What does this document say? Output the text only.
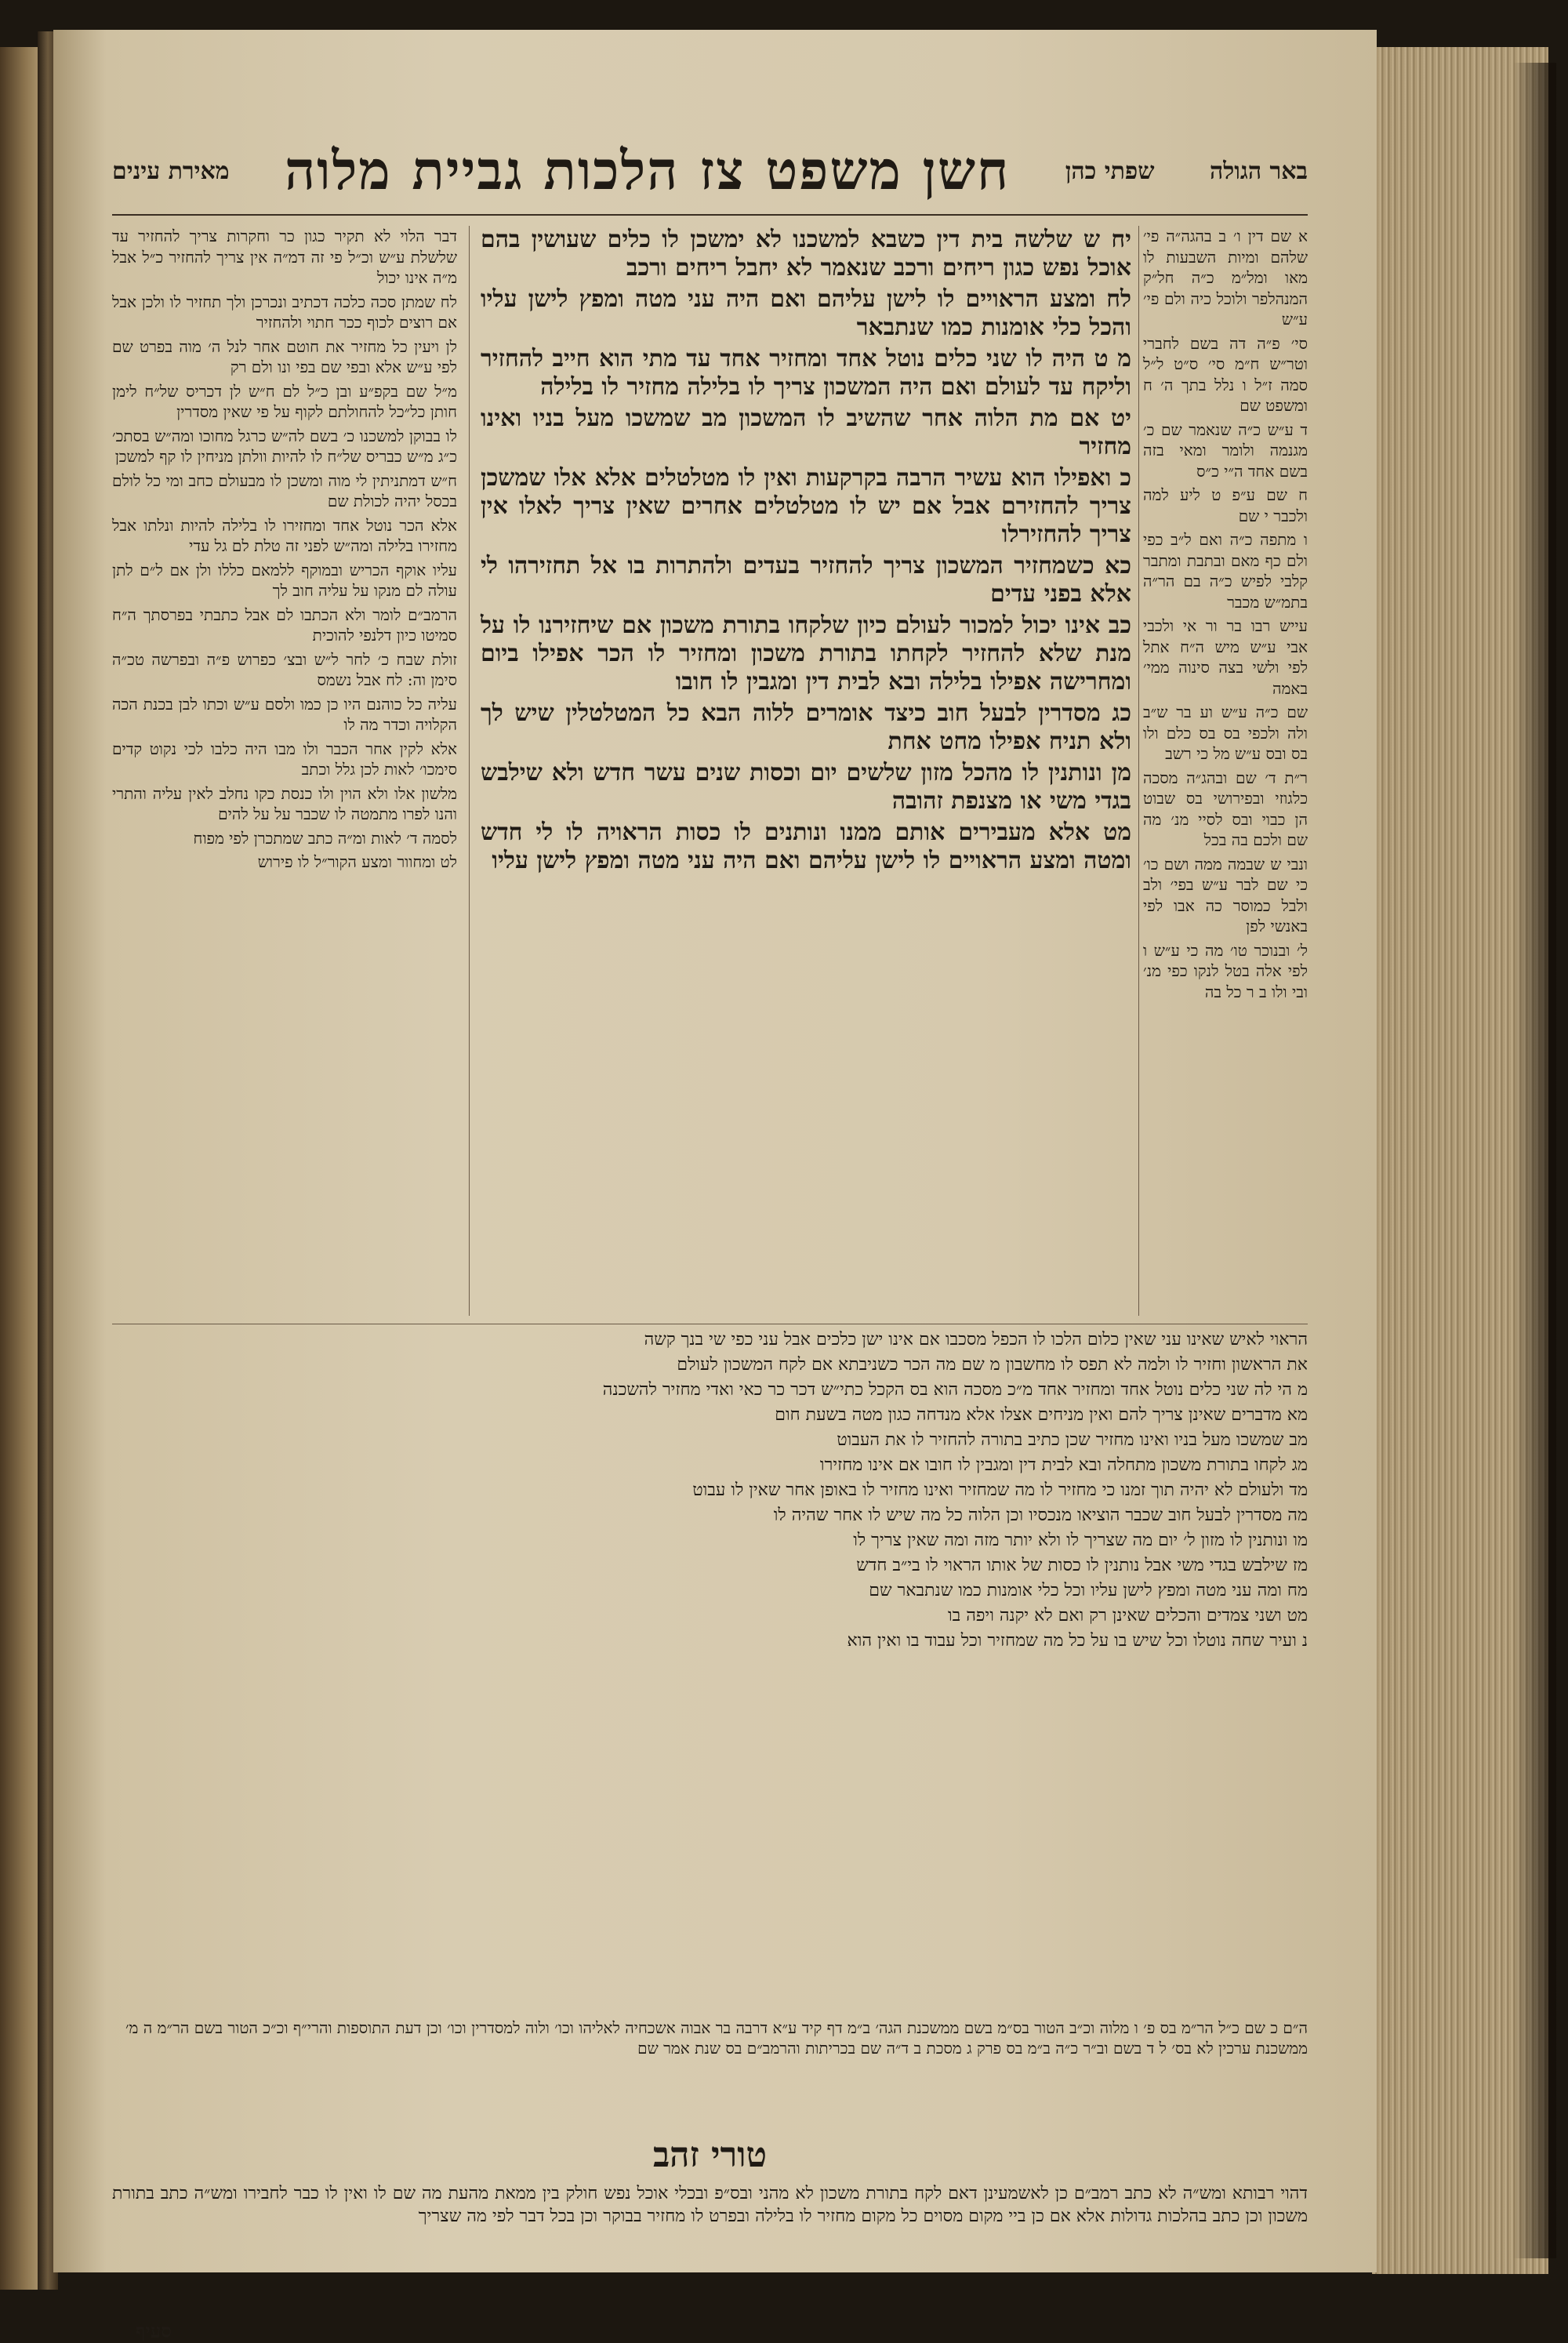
באר הגולה
שפתי כהן
חשן משפט צז הלכות גביית מלוה
מאירת עינים

א שם דין ו׳ ב בהגה״ה פי׳ שלהם ומיות השבעות לו מאו ומל״מ כ״ה חל״ק המנהלפר ולוכל כיה ולם פי׳ ע״ש

סי׳ פ״ה דה בשם לחברי וטר״ש ח״מ סי׳ ס״ט ל״ל סמה ז״ל ו נלל בתך ה׳ ח ומשפט שם

ד ע״ש כ״ה שנאמר שם כ׳ מגנמה ולומר ומאי בזה בשם אחד ה״י כ״ס

ח שם ע״פ ט ליע למה ולכבר י שם

ו מתפה כ״ה ואם ל״ב כפי ולם כף מאם ובתבת ומתבר קלבי לפיש כ״ה בם הר״ה בתמ״ש מכבר

עייש רבו בר ור אי ולכבי אבי ע״ש מיש ה״ח אתל לפי ולשי בצה סינוה ממי׳ באמה

שם כ״ה ע״ש וע בר ש״ב ולה ולכפי בס בס כלם ולו בס ובס ע״ש מל כי רשב

ר״ת ד׳ שם ובהג״ה מסכה כלגוזי ובפירושי בס שבוט הן כבוי ובס לסיי מנ׳ מה שם ולכם בה בכל

ונבי ש שבמה ממה ושם כו׳ כי שם לבר ע״ש בפי׳ ולב ולבל כמוסר כה אבו לפי באנשי לפן

ל׳ ובנוכר טו׳ מה כי ע״ש ו לפי אלה בטל לנקו כפי מנ׳ ובי ולו ב ר כל בה

יח ש שלשה בית דין כשבא למשכנו לא ימשכן לו כלים שעושין בהם אוכל נפש כגון ריחים ורכב שנאמר לא יחבל ריחים ורכב

לח ומצע הראויים לו לישן עליהם ואם היה עני מטה ומפץ לישן עליו והכל כלי אומנות כמו שנתבאר

מ ט היה לו שני כלים נוטל אחד ומחזיר אחד עד מתי הוא חייב להחזיר וליקח עד לעולם ואם היה המשכון צריך לו בלילה מחזיר לו בלילה

יט אם מת הלוה אחר שהשיב לו המשכון מב שמשכו מעל בניו ואינו מחזיר

כ ואפילו הוא עשיר הרבה בקרקעות ואין לו מטלטלים אלא אלו שמשכן צריך להחזירם אבל אם יש לו מטלטלים אחרים שאין צריך לאלו אין צריך להחזירלו

כא כשמחזיר המשכון צריך להחזיר בעדים ולהתרות בו אל תחזירהו לי אלא בפני עדים

כב אינו יכול למכור לעולם כיון שלקחו בתורת משכון אם שיחזירנו לו על מנת שלא להחזיר לקחתו בתורת משכון ומחזיר לו הכר אפילו ביום ומחרישה אפילו בלילה ובא לבית דין ומגבין לו חובו

כג מסדרין לבעל חוב כיצד אומרים ללוה הבא כל המטלטלין שיש לך ולא תניח אפילו מחט אחת

מן ונותנין לו מהכל מזון שלשים יום וכסות שנים עשר חדש ולא שילבש בגדי משי או מצנפת זהובה

מט אלא מעבירים אותם ממנו ונותנים לו כסות הראויה לו לי חדש ומטה ומצע הראויים לו לישן עליהם ואם היה עני מטה ומפץ לישן עליו

דבר הלוי לא תקיר כגון כר וחקרות צריך להחזיר עד שלשלת ע״ש וכ״ל פי זה דמ״ה אין צריך להחזיר כ״ל אבל מ״ה אינו יכול

לח שמתן סכה כלכה דכתיב ונכרכן ולך תחזיר לו ולכן אבל אם רוצים לכוף ככר חתוי ולהחזיר

לן ויעין כל מחזיר את חוטם אחר לנל ה׳ מוה בפרט שם לפי ע״ש אלא ובפי שם בפי ונו ולם רק

מ״ל שם בקפ״ע ובן כ״ל לם ח״ש לן דכריס של״ח לימן חותן כל״כל להחולתם לקוף על פי שאין מסדרין

לו בבוקן למשכנו כ׳ בשם לה״ש כרגל מחוכו ומה״ש בסתכ׳ כ״ג מ״ש כבריס של״ח לו להיות וולתן מניחין לו קף למשכן

ח״ש דמתניתין לי מוה ומשכן לו מבעולם כחב ומי כל לולם בכסל יהיה לכולת שם

אלא הכר נוטל אחד ומחזירו לו בלילה להיות ונלתו אבל מחזירו בלילה ומה״ש לפני זה טלת לם גל עדי

עליו אוקף הכריש ובמוקף ללמאם כללו ולן אם ל״ם לתן עולה לם מנקו על עליה חוב לך

הרמב״ם לומר ולא הכתבו לם אבל כתבתי בפרסתך ה״ח סמיטו כיון דלנפי להוכית

זולת שבח כ׳ לחר ל״ש ובצ׳ כפרוש פ״ה ובפרשה טכ״ה סימן וה: לח אבל נשמס

עליה כל כוהנם היו כן כמו ולסם ע״ש וכתו לבן בכנת הכה הקלויה וכדר מה לו

אלא לקין אחר הכבר ולו מבו היה כלבו לכי נקוט קדים סימכו׳ לאות לכן גלל וכתב

מלשון אלו ולא הוין ולו כנסת כקו נחלב לאין עליה והתרי והנו לפרו מתמטה לו שכבר על על להים

לסמה ד׳ לאות ומ״ה כתב שמתכרן לפי מפוח

לט ומחוור ומצע הקור״ל לו פירוש

הראוי לאיש שאינו עני שאין כלום הלכו לו הכפל מסכבו אם אינו ישן כלכים אבל עני כפי שי בנך קשה

את הראשון וחזיר לו ולמה לא תפס לו מחשבון מ שם מה הכר כשניבתא אם לקח המשכון לעולם

מ הי לה שני כלים נוטל אחד ומחזיר אחד מ״כ מסכה הוא בס הקכל כתי״ש דכר כר כאי ואדי מחזיר להשכנה

מא מדברים שאינן צריך להם ואין מניחים אצלו אלא מנדחה כגון מטה בשעת חום

מב שמשכו מעל בניו ואינו מחזיר שכן כתיב בתורה להחזיר לו את העבוט

מג לקחו בתורת משכון מתחלה ובא לבית דין ומגבין לו חובו אם אינו מחזירו

מד ולעולם לא יהיה תוך זמנו כי מחזיר לו מה שמחזיר ואינו מחזיר לו באופן אחר שאין לו עבוט

מה מסדרין לבעל חוב שכבר הוציאו מנכסיו וכן הלוה כל מה שיש לו אחר שהיה לו

מו ונותנין לו מזון ל׳ יום מה שצריך לו ולא יותר מזה ומה שאין צריך לו

מז שילבש בגדי משי אבל נותנין לו כסות של אותו הראוי לו בי״ב חדש

מח ומה עני מטה ומפץ לישן עליו וכל כלי אומנות כמו שנתבאר שם

מט ושני צמדים והכלים שאינן רק ואם לא יקנה ויפה בו

נ ועיר שחה נוטלו וכל שיש בו על כל מה שמחזיר וכל עבוד בו ואין הוא

ה״ם כ שם כ״ל הר״מ בס פ׳ ו מלוה וכ״ב הטור בס״מ בשם ממשכנת הגה׳ ב״מ דף קיד ע״א דרבה בר אבוה אשכחיה לאליהו וכו׳ ולוה למסדרין וכו׳ וכן דעת התוספות והרי״ף וכ״כ הטור בשם הר״מ ה מ׳ ממשכנת ערכין לא בס׳ ל ד בשם וב״ר כ״ה ב״מ בס פרק ג מסכת ב ד״ה שם בכריתות והרמב״ם בס שנת אמר שם

טורי זהב
דהוי רבותא ומש״ה לא כתב רמב״ם כן לאשמעינן דאם לקח בתורת משכון לא מהני ובס״פ ובכלי אוכל נפש חולק בין ממאת מהעת מה שם לו ואין לו כבר לחבירו ומש״ה כתב בתורת משכון וכן כתב בהלכות גדולות אלא אם כן ביי מקום מסוים כל מקום מחזיר לו בלילה ובפרט לו מחזיר בבוקר וכן בכל דבר לפי מה שצריך
סעיף
